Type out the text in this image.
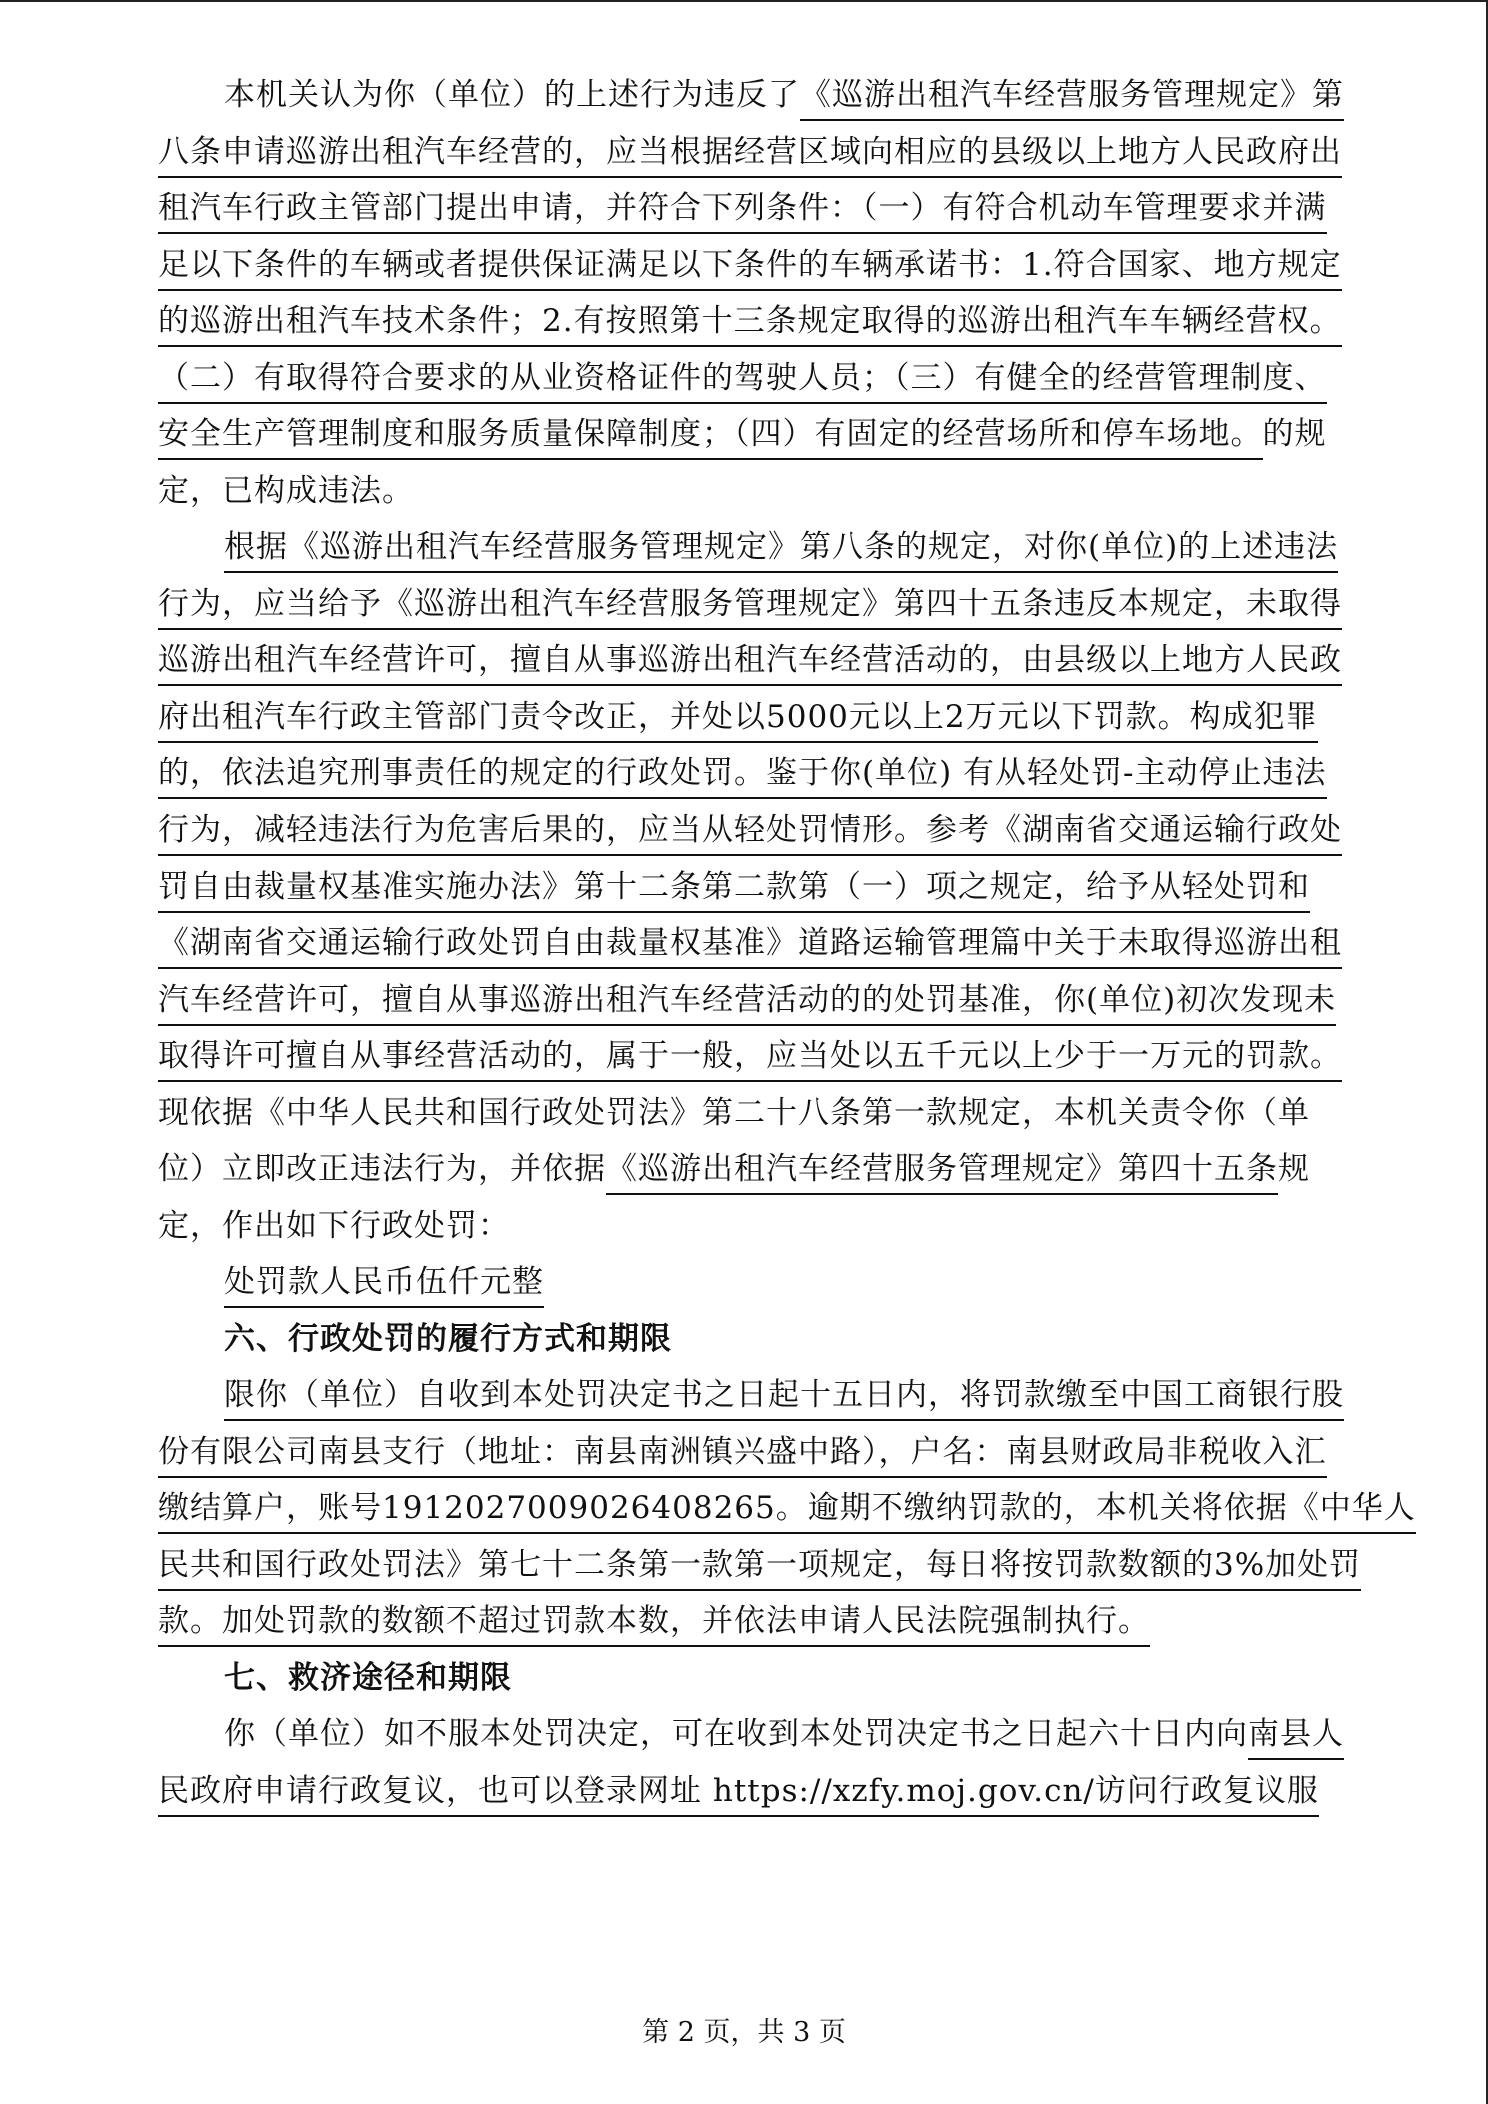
本机关认为你（单位）的上述行为违反了《巡游出租汽车经营服务管理规定》第
八条申请巡游出租汽车经营的，应当根据经营区域向相应的县级以上地方人民政府出
租汽车行政主管部门提出申请，并符合下列条件：（一）有符合机动车管理要求并满
足以下条件的车辆或者提供保证满足以下条件的车辆承诺书：1.符合国家、地方规定
的巡游出租汽车技术条件；2.有按照第十三条规定取得的巡游出租汽车车辆经营权。
（二）有取得符合要求的从业资格证件的驾驶人员；（三）有健全的经营管理制度、
安全生产管理制度和服务质量保障制度；（四）有固定的经营场所和停车场地。的规
定，已构成违法。
根据《巡游出租汽车经营服务管理规定》第八条的规定，对你(单位)的上述违法
行为，应当给予《巡游出租汽车经营服务管理规定》第四十五条违反本规定，未取得
巡游出租汽车经营许可，擅自从事巡游出租汽车经营活动的，由县级以上地方人民政
府出租汽车行政主管部门责令改正，并处以5000元以上2万元以下罚款。构成犯罪
的，依法追究刑事责任的规定的行政处罚。鉴于你(单位) 有从轻处罚-主动停止违法
行为，减轻违法行为危害后果的，应当从轻处罚情形。参考《湖南省交通运输行政处
罚自由裁量权基准实施办法》第十二条第二款第（一）项之规定，给予从轻处罚和
《湖南省交通运输行政处罚自由裁量权基准》道路运输管理篇中关于未取得巡游出租
汽车经营许可，擅自从事巡游出租汽车经营活动的的处罚基准，你(单位)初次发现未
取得许可擅自从事经营活动的，属于一般，应当处以五千元以上少于一万元的罚款。
现依据《中华人民共和国行政处罚法》第二十八条第一款规定，本机关责令你（单
位）立即改正违法行为，并依据《巡游出租汽车经营服务管理规定》第四十五条规
定，作出如下行政处罚：
处罚款人民币伍仟元整
六、行政处罚的履行方式和期限
限你（单位）自收到本处罚决定书之日起十五日内，将罚款缴至中国工商银行股
份有限公司南县支行（地址：南县南洲镇兴盛中路），户名：南县财政局非税收入汇
缴结算户，账号1912027009026408265。逾期不缴纳罚款的，本机关将依据《中华人
民共和国行政处罚法》第七十二条第一款第一项规定，每日将按罚款数额的3%加处罚
款。加处罚款的数额不超过罚款本数，并依法申请人民法院强制执行。
七、救济途径和期限
你（单位）如不服本处罚决定，可在收到本处罚决定书之日起六十日内向南县人
民政府申请行政复议，也可以登录网址 https://xzfy.moj.gov.cn/访问行政复议服
第 2 页，共 3 页
